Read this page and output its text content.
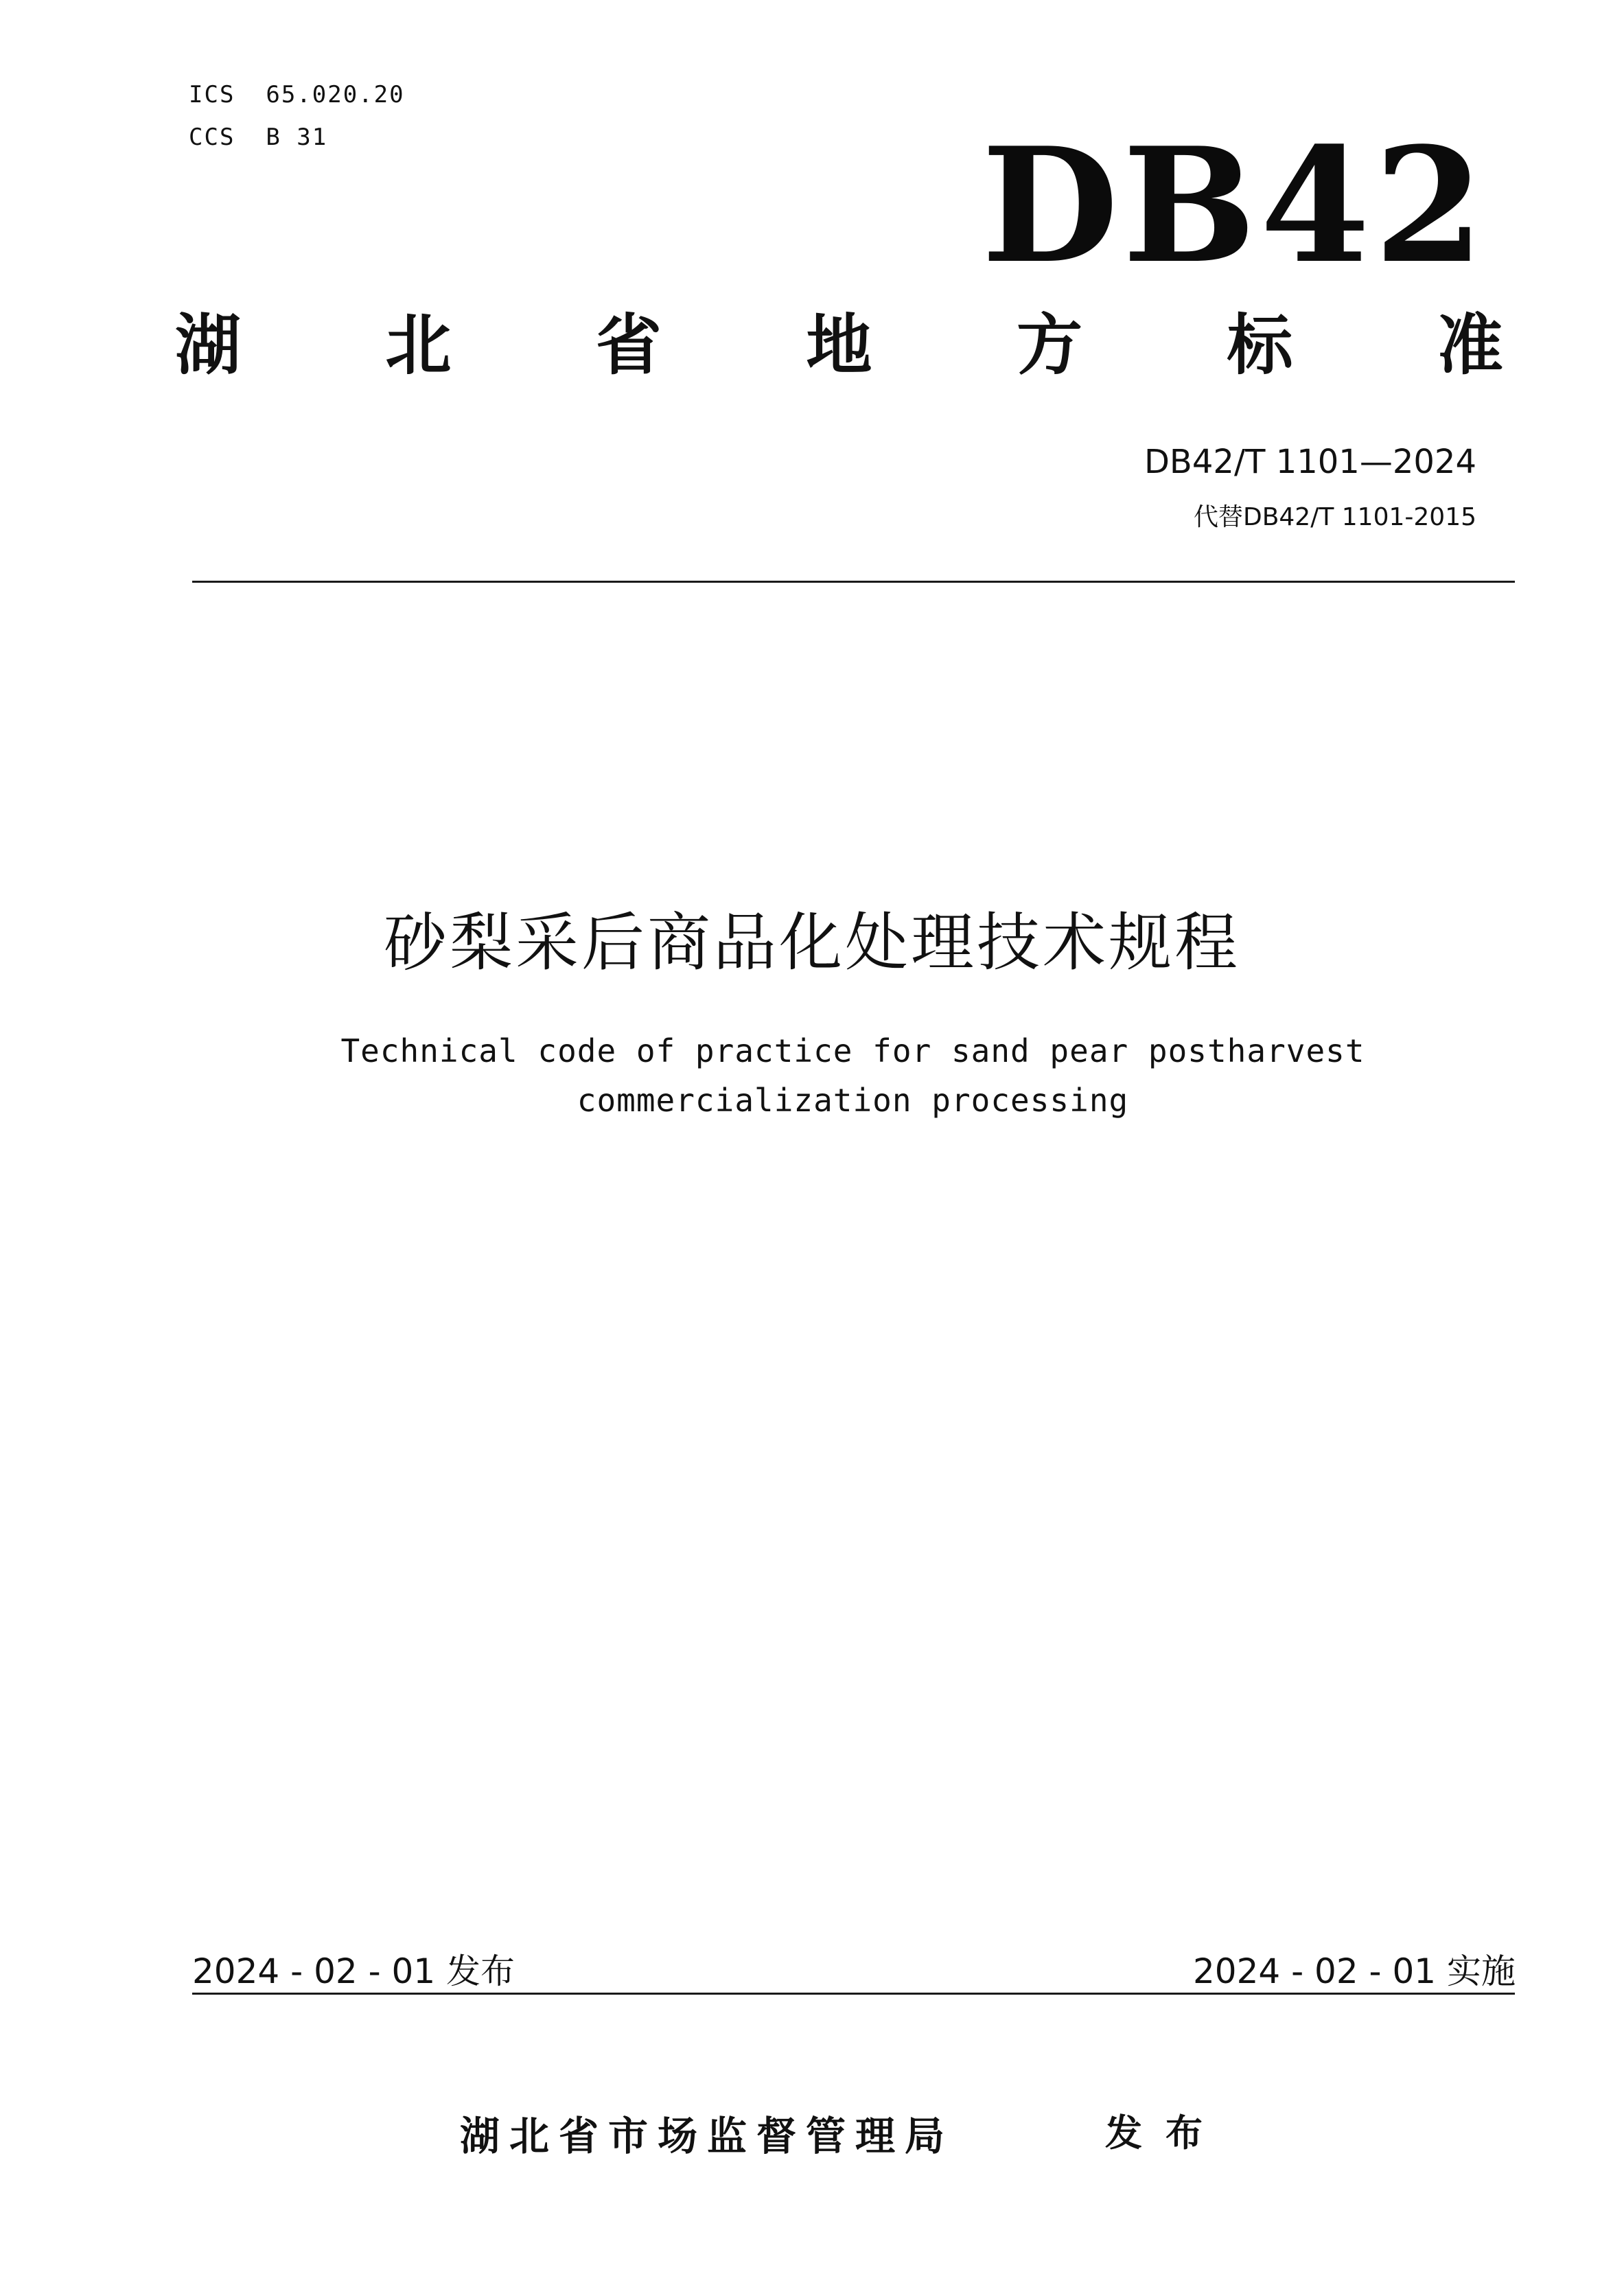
ICS  65.020.20
CCS  B 31	DB42
湖 北 省 地 方 标 准
DB42/T 1101—2024
代替DB42/T 1101-2015
砂梨采后商品化处理技术规程
Technical code of practice for sand pear postharvest commercialization processing
2024 - 02 - 01 发布	2024 - 02 - 01 实施
湖北省市场监督管理局	发布
